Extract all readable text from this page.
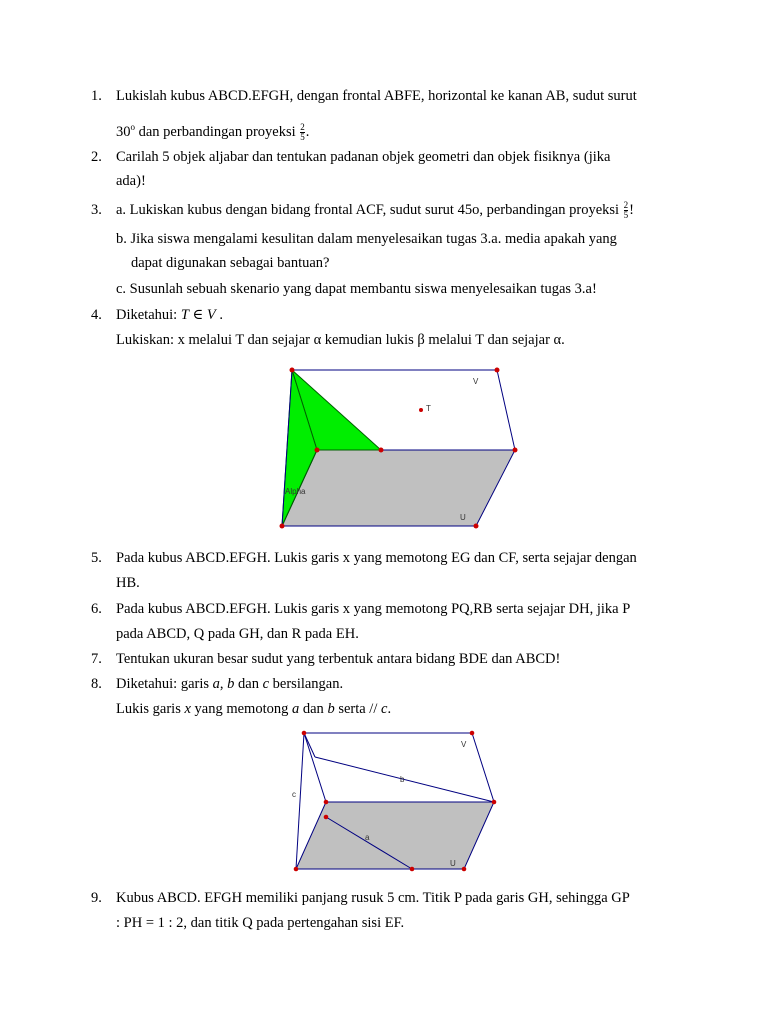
1. Lukislah kubus ABCD.EFGH, dengan frontal ABFE, horizontal ke kanan AB, sudut surut
30$^o$ dan perbandingan proyeksi $\frac{2}{5}$ .
2. Carilah 5 objek aljabar dan tentukan padanan objek geometri dan objek fisiknya (jika
ada)!
3. a. Lukiskan kubus dengan bidang frontal ACF, sudut surut 45o, perbandingan proyeksi $\frac{2}{5}$ !
b. Jika siswa mengalami kesulitan dalam menyelesaikan tugas 3.a. media apakah yang
dapat digunakan sebagai bantuan?
c. Susunlah sebuah skenario yang dapat membantu siswa menyelesaikan tugas 3.a!
4. Diketahui: T ∈ V .
Lukiskan: x melalui T dan sejajar α kemudian lukis β melalui T dan sejajar α.
V
T
U
Alpha
5. Pada kubus ABCD.EFGH. Lukis garis x yang memotong EG dan CF, serta sejajar dengan
HB.
6. Pada kubus ABCD.EFGH. Lukis garis x yang memotong PQ,RB serta sejajar DH, jika P
pada ABCD, Q pada GH, dan R pada EH.
7. Tentukan ukuran besar sudut yang terbentuk antara bidang BDE dan ABCD!
8. Diketahui: garis a, b dan c bersilangan.
Lukis garis x yang memotong a dan b serta // c.
V
b
c
a
U
9. Kubus ABCD. EFGH memiliki panjang rusuk 5 cm. Titik P pada garis GH, sehingga GP
: PH = 1 : 2, dan titik Q pada pertengahan sisi EF.
